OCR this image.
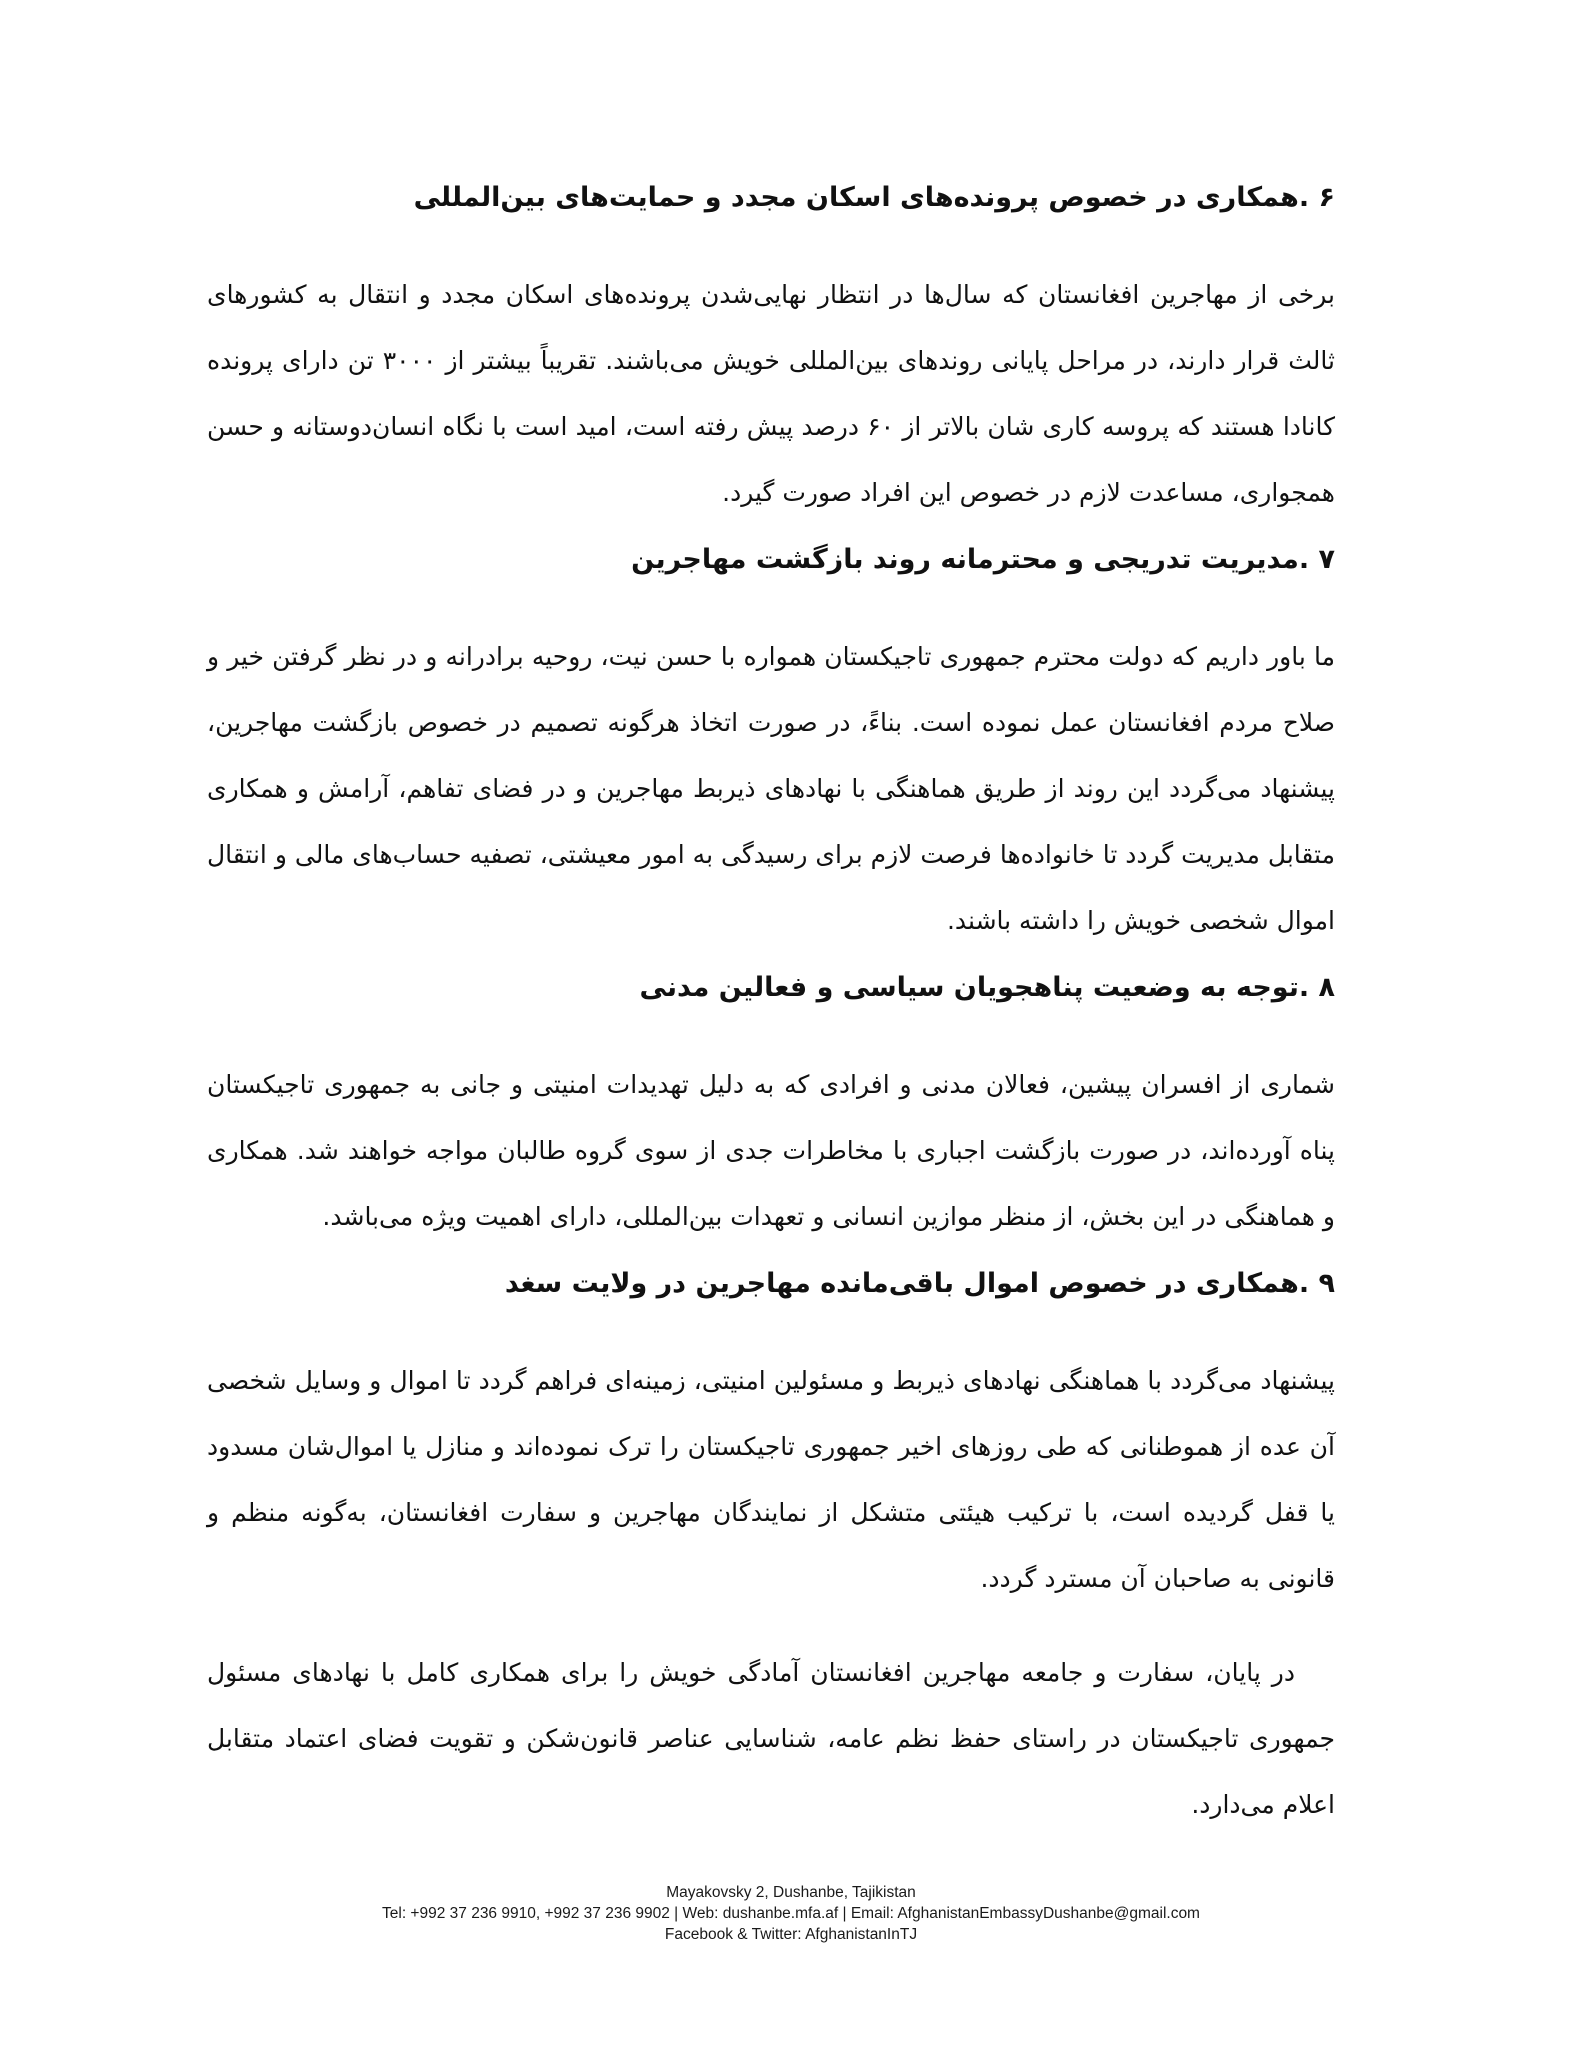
۶ .همکاری در خصوص پرونده‌های اسکان مجدد و حمایت‌های بین‌المللی

برخی از مهاجرین افغانستان که سال‌ها در انتظار نهایی‌شدن پرونده‌های اسکان مجدد و انتقال به کشورهای ثالث قرار دارند، در مراحل پایانی روندهای بین‌المللی خویش می‌باشند. تقریباً بیشتر از ۳۰۰۰ تن دارای پرونده کانادا هستند که پروسه کاری شان بالاتر از ۶۰ درصد پیش رفته است، امید است با نگاه انسان‌دوستانه و حسن همجواری، مساعدت لازم در خصوص این افراد صورت گیرد.

۷ .مدیریت تدریجی و محترمانه روند بازگشت مهاجرین

ما باور داریم که دولت محترم جمهوری تاجیکستان همواره با حسن نیت، روحیه برادرانه و در نظر گرفتن خیر و صلاح مردم افغانستان عمل نموده است. بناءً، در صورت اتخاذ هرگونه تصمیم در خصوص بازگشت مهاجرین، پیشنهاد می‌گردد این روند از طریق هماهنگی با نهادهای ذیربط مهاجرین و در فضای تفاهم، آرامش و همکاری متقابل مدیریت گردد تا خانواده‌ها فرصت لازم برای رسیدگی به امور معیشتی، تصفیه حساب‌های مالی و انتقال اموال شخصی خویش را داشته باشند.

۸ .توجه به وضعیت پناهجویان سیاسی و فعالین مدنی

شماری از افسران پیشین، فعالان مدنی و افرادی که به دلیل تهدیدات امنیتی و جانی به جمهوری تاجیکستان پناه آورده‌اند، در صورت بازگشت اجباری با مخاطرات جدی از سوی گروه طالبان مواجه خواهند شد. همکاری و هماهنگی در این بخش، از منظر موازین انسانی و تعهدات بین‌المللی، دارای اهمیت ویژه می‌باشد.

۹ .همکاری در خصوص اموال باقی‌مانده مهاجرین در ولایت سغد

پیشنهاد می‌گردد با هماهنگی نهادهای ذیربط و مسئولین امنیتی، زمینه‌ای فراهم گردد تا اموال و وسایل شخصی آن عده از هموطنانی که طی روزهای اخیر جمهوری تاجیکستان را ترک نموده‌اند و منازل یا اموال‌شان مسدود یا قفل گردیده است، با ترکیب هیئتی متشکل از نمایندگان مهاجرین و سفارت افغانستان، به‌گونه منظم و قانونی به صاحبان آن مسترد گردد.

در پایان، سفارت و جامعه مهاجرین افغانستان آمادگی خویش را برای همکاری کامل با نهادهای مسئول جمهوری تاجیکستان در راستای حفظ نظم عامه، شناسایی عناصر قانون‌شکن و تقویت فضای اعتماد متقابل اعلام می‌دارد.

Mayakovsky 2, Dushanbe, Tajikistan
Tel: +992 37 236 9910, +992 37 236 9902 | Web: dushanbe.mfa.af | Email: AfghanistanEmbassyDushanbe@gmail.com
Facebook & Twitter: AfghanistanInTJ
